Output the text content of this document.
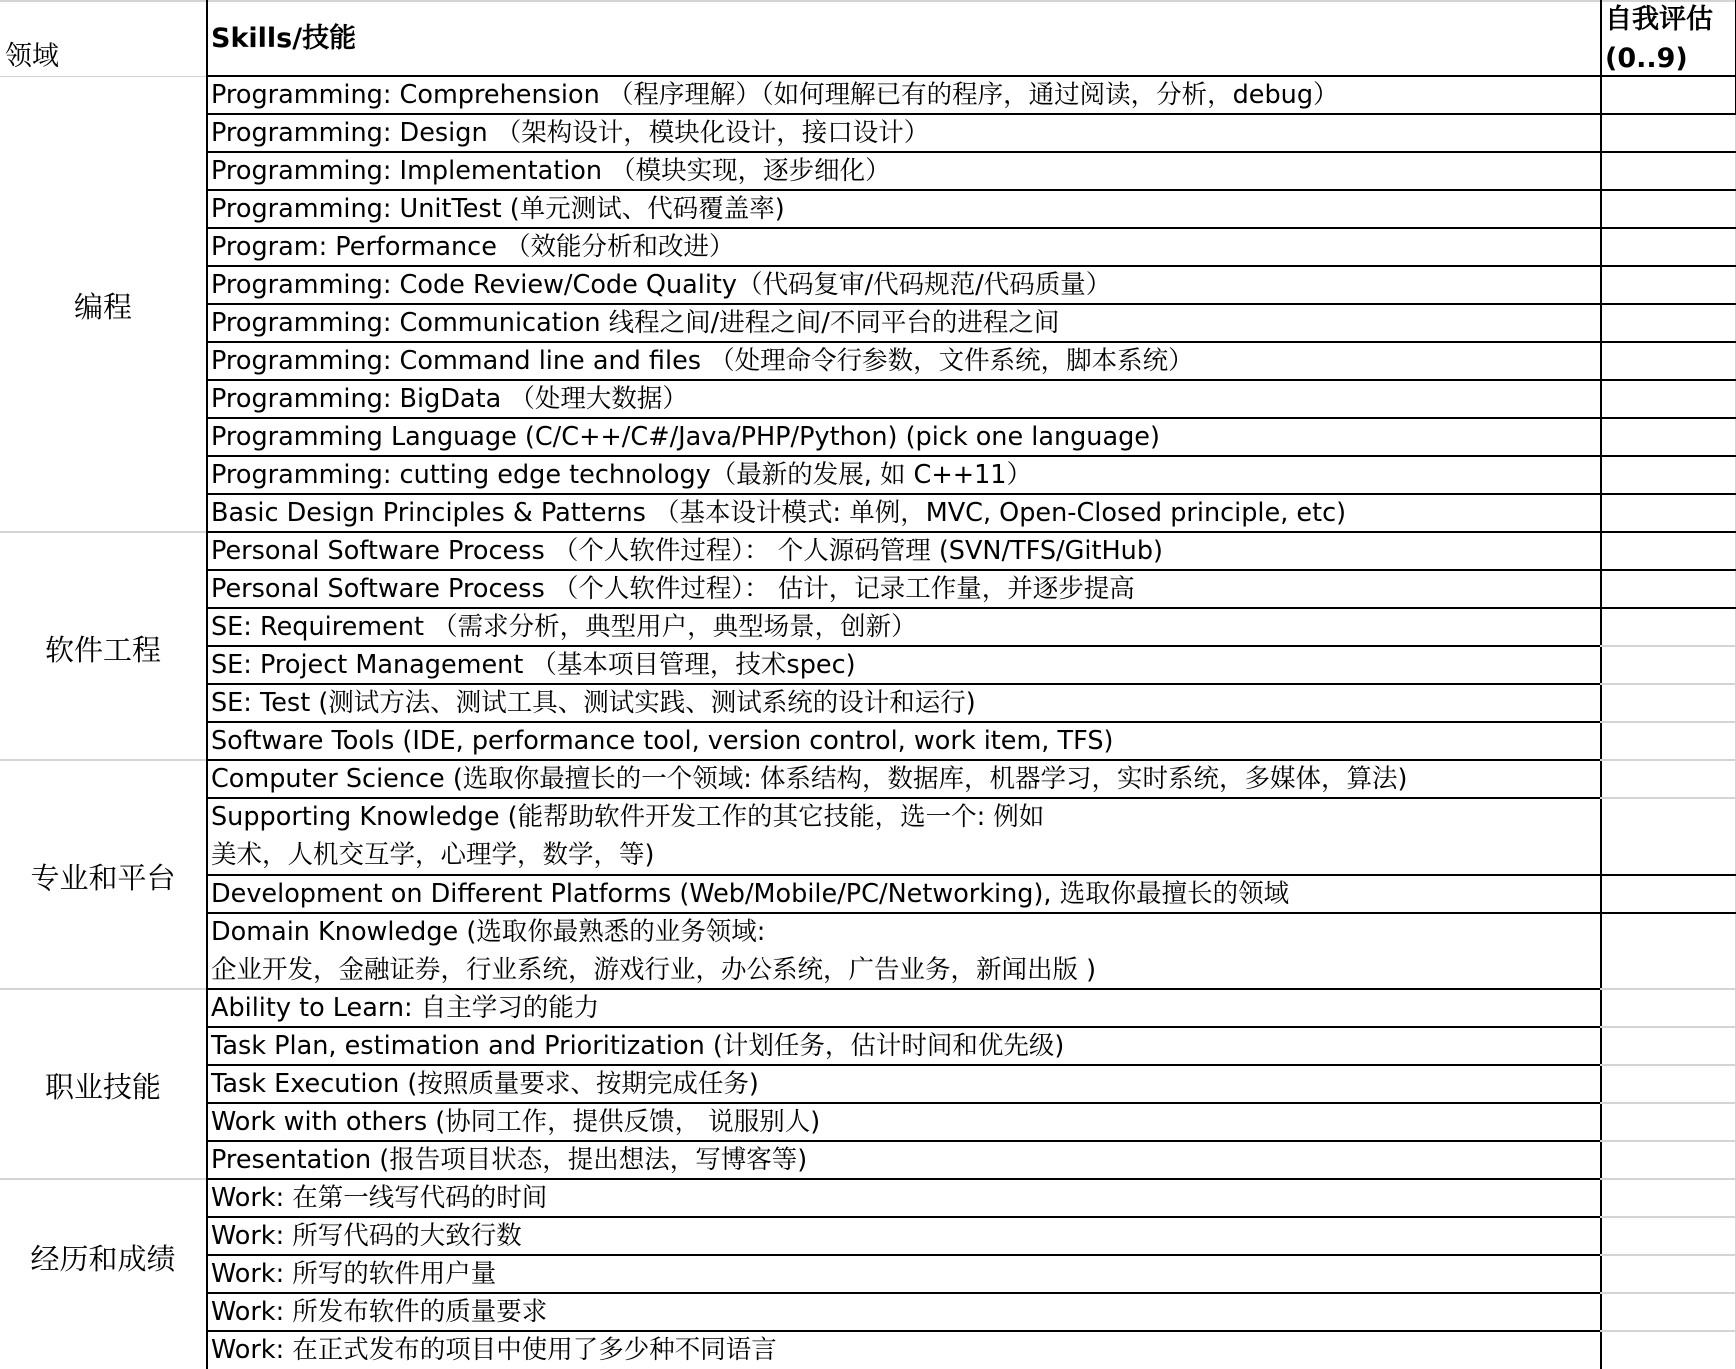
领域
Skills/技能
自我评估
(0..9)
编程
软件工程
专业和平台
职业技能
经历和成绩
Programming: Comprehension （程序理解）（如何理解已有的程序，通过阅读，分析，debug）
Programming: Design （架构设计，模块化设计，接口设计）
Programming: Implementation （模块实现，逐步细化）
Programming: UnitTest (单元测试、代码覆盖率)
Program: Performance （效能分析和改进）
Programming: Code Review/Code Quality（代码复审/代码规范/代码质量）
Programming: Communication 线程之间/进程之间/不同平台的进程之间
Programming: Command line and files （处理命令行参数，文件系统，脚本系统）
Programming: BigData （处理大数据）
Programming Language (C/C++/C#/Java/PHP/Python) (pick one language)
Programming: cutting edge technology（最新的发展, 如 C++11）
Basic Design Principles & Patterns （基本设计模式: 单例，MVC, Open-Closed principle, etc)
Personal Software Process （个人软件过程）： 个人源码管理 (SVN/TFS/GitHub)
Personal Software Process （个人软件过程）： 估计，记录工作量，并逐步提高
SE: Requirement （需求分析，典型用户，典型场景，创新）
SE: Project Management （基本项目管理，技术spec)
SE: Test (测试方法、测试工具、测试实践、测试系统的设计和运行)
Software Tools (IDE, performance tool, version control, work item, TFS)
Computer Science (选取你最擅长的一个领域: 体系结构，数据库，机器学习，实时系统，多媒体，算法)
Supporting Knowledge (能帮助软件开发工作的其它技能，选一个: 例如
美术，人机交互学，心理学，数学，等)
Development on Different Platforms (Web/Mobile/PC/Networking), 选取你最擅长的领域
Domain Knowledge (选取你最熟悉的业务领域:
企业开发，金融证券，行业系统，游戏行业，办公系统，广告业务，新闻出版 )
Ability to Learn: 自主学习的能力
Task Plan, estimation and Prioritization (计划任务，估计时间和优先级)
Task Execution (按照质量要求、按期完成任务)
Work with others (协同工作，提供反馈， 说服别人)
Presentation (报告项目状态，提出想法，写博客等)
Work: 在第一线写代码的时间
Work: 所写代码的大致行数
Work: 所写的软件用户量
Work: 所发布软件的质量要求
Work: 在正式发布的项目中使用了多少种不同语言
